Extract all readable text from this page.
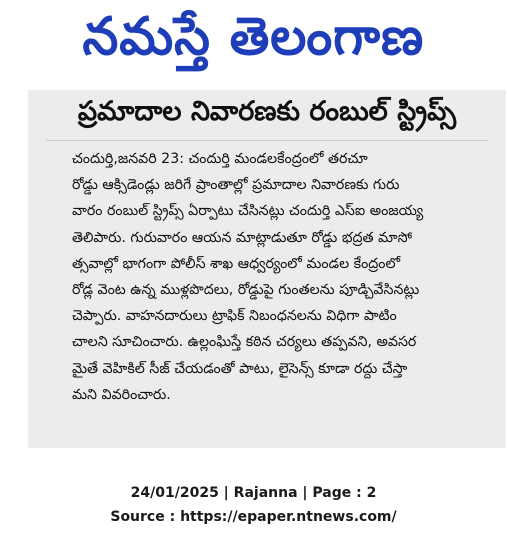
నమస్తే తెలంగాణ
ప్రమాదాల నివారణకు రంబుల్ స్ట్రిప్స్
చందుర్తి,జనవరి 23: చందుర్తి మండలకేంద్రంలో తరచూ
రోడ్డు ఆక్సిడెండ్లు జరిగే ప్రాంతాల్లో ప్రమాదాల నివారణకు గురు
వారం రంబుల్ స్ట్రిప్స్ ఏర్పాటు చేసినట్లు చందుర్తి ఎస్ఐ అంజయ్య
తెలిపారు. గురువారం ఆయన మాట్లాడుతూ రోడ్డు భద్రత మాసో
త్సవాల్లో భాగంగా పోలీస్ శాఖ ఆధ్వర్యంలో మండల కేంద్రంలో
రోడ్ల వెంట ఉన్న ముళ్లపొదలు, రోడ్డుపై గుంతలను పూడ్చివేసినట్లు
చెప్పారు. వాహనదారులు ట్రాఫిక్ నిబంధనలను విధిగా పాటిం
చాలని సూచించారు. ఉల్లంఘిస్తే కఠిన చర్యలు తప్పవని, అవసర
మైతే వెహికిల్ సీజ్ చేయడంతో పాటు, లైసెన్స్ కూడా రద్దు చేస్తా
మని వివరించారు.
24/01/2025 | Rajanna | Page : 2
Source : https://epaper.ntnews.com/
